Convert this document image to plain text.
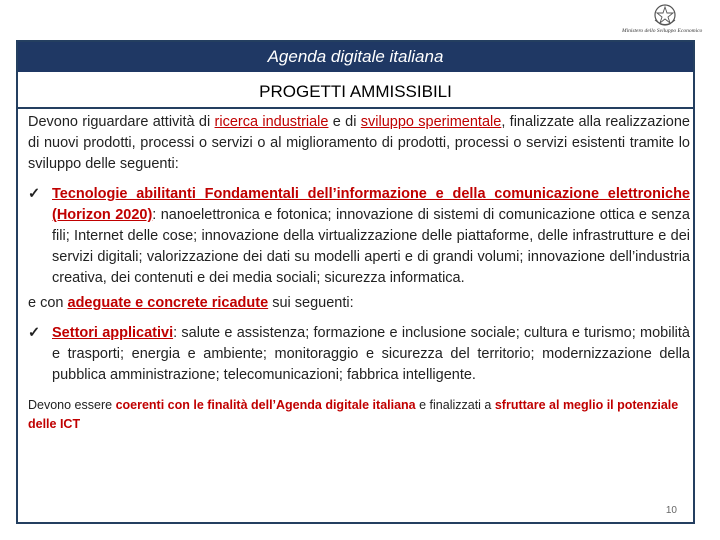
Ministero dello Sviluppo Economico
Agenda digitale italiana
PROGETTI AMMISSIBILI

Devono riguardare attività di ricerca industriale e di sviluppo sperimentale, finalizzate alla realizzazione di nuovi prodotti, processi o servizi o al miglioramento di prodotti, processi o servizi esistenti tramite lo sviluppo delle seguenti:

✓ Tecnologie abilitanti Fondamentali dell’informazione e della comunicazione elettroniche (Horizon 2020): nanoelettronica e fotonica; innovazione di sistemi di comunicazione ottica e senza fili; Internet delle cose; innovazione della virtualizzazione delle piattaforme, delle infrastrutture e dei servizi digitali; valorizzazione dei dati su modelli aperti e di grandi volumi; innovazione dell’industria creativa, dei contenuti e dei media sociali; sicurezza informatica.

e con adeguate e concrete ricadute sui seguenti:

✓ Settori applicativi: salute e assistenza; formazione e inclusione sociale; cultura e turismo; mobilità e trasporti; energia e ambiente; monitoraggio e sicurezza del territorio; modernizzazione della pubblica amministrazione; telecomunicazioni; fabbrica intelligente.

Devono essere coerenti con le finalità dell’Agenda digitale italiana e finalizzati a sfruttare al meglio il potenziale delle ICT

10
